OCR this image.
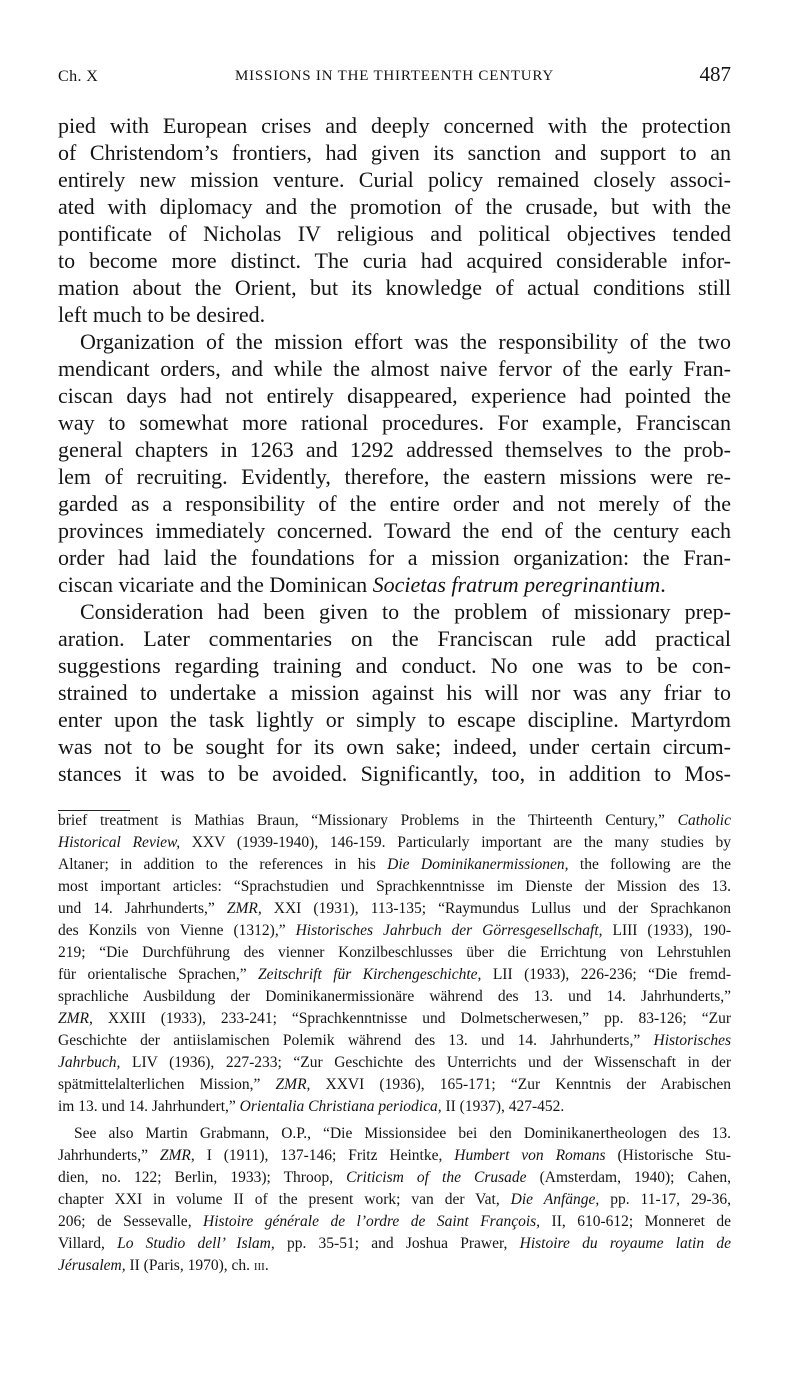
Ch. X	MISSIONS IN THE THIRTEENTH CENTURY	487
pied with European crises and deeply concerned with the protection
of Christendom’s frontiers, had given its sanction and support to an
entirely new mission venture. Curial policy remained closely associ-
ated with diplomacy and the promotion of the crusade, but with the
pontificate of Nicholas IV religious and political objectives tended
to become more distinct. The curia had acquired considerable infor-
mation about the Orient, but its knowledge of actual conditions still
left much to be desired.
Organization of the mission effort was the responsibility of the two
mendicant orders, and while the almost naive fervor of the early Fran-
ciscan days had not entirely disappeared, experience had pointed the
way to somewhat more rational procedures. For example, Franciscan
general chapters in 1263 and 1292 addressed themselves to the prob-
lem of recruiting. Evidently, therefore, the eastern missions were re-
garded as a responsibility of the entire order and not merely of the
provinces immediately concerned. Toward the end of the century each
order had laid the foundations for a mission organization: the Fran-
ciscan vicariate and the Dominican Societas fratrum peregrinantium.
Consideration had been given to the problem of missionary prep-
aration. Later commentaries on the Franciscan rule add practical
suggestions regarding training and conduct. No one was to be con-
strained to undertake a mission against his will nor was any friar to
enter upon the task lightly or simply to escape discipline. Martyrdom
was not to be sought for its own sake; indeed, under certain circum-
stances it was to be avoided. Significantly, too, in addition to Mos-
brief treatment is Mathias Braun, “Missionary Problems in the Thirteenth Century,” Catholic
Historical Review, XXV (1939-1940), 146-159. Particularly important are the many studies by
Altaner; in addition to the references in his Die Dominikanermissionen, the following are the
most important articles: “Sprachstudien und Sprachkenntnisse im Dienste der Mission des 13.
und 14. Jahrhunderts,” ZMR, XXI (1931), 113-135; “Raymundus Lullus und der Sprachkanon
des Konzils von Vienne (1312),” Historisches Jahrbuch der Görresgesellschaft, LIII (1933), 190-
219; “Die Durchführung des vienner Konzilbeschlusses über die Errichtung von Lehrstuhlen
für orientalische Sprachen,” Zeitschrift für Kirchengeschichte, LII (1933), 226-236; “Die fremd-
sprachliche Ausbildung der Dominikanermissionäre während des 13. und 14. Jahrhunderts,”
ZMR, XXIII (1933), 233-241; “Sprachkenntnisse und Dolmetscherwesen,” pp. 83-126; “Zur
Geschichte der antiislamischen Polemik während des 13. und 14. Jahrhunderts,” Historisches
Jahrbuch, LIV (1936), 227-233; “Zur Geschichte des Unterrichts und der Wissenschaft in der
spätmittelalterlichen Mission,” ZMR, XXVI (1936), 165-171; “Zur Kenntnis der Arabischen
im 13. und 14. Jahrhundert,” Orientalia Christiana periodica, II (1937), 427-452.
See also Martin Grabmann, O.P., “Die Missionsidee bei den Dominikanertheologen des 13.
Jahrhunderts,” ZMR, I (1911), 137-146; Fritz Heintke, Humbert von Romans (Historische Stu-
dien, no. 122; Berlin, 1933); Throop, Criticism of the Crusade (Amsterdam, 1940); Cahen,
chapter XXI in volume II of the present work; van der Vat, Die Anfänge, pp. 11-17, 29-36,
206; de Sessevalle, Histoire générale de l’ordre de Saint François, II, 610-612; Monneret de
Villard, Lo Studio dell’ Islam, pp. 35-51; and Joshua Prawer, Histoire du royaume latin de
Jérusalem, II (Paris, 1970), ch. iii.
